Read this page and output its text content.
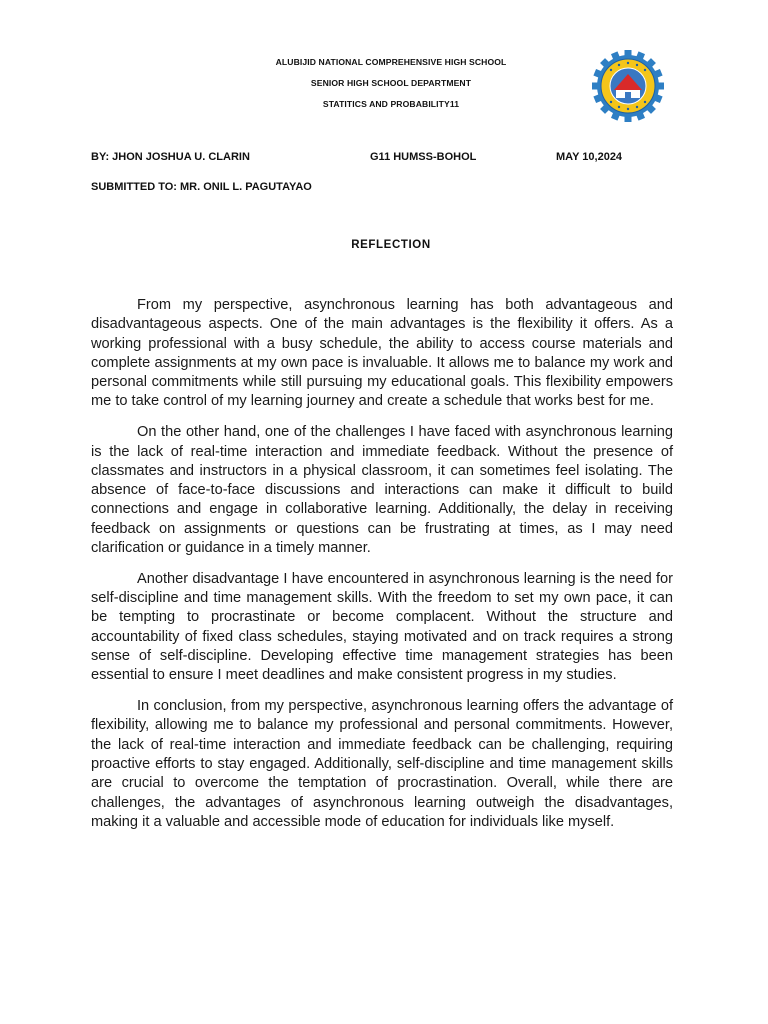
ALUBIJID NATIONAL COMPREHENSIVE HIGH SCHOOL
SENIOR HIGH SCHOOL DEPARTMENT
STATITICS AND PROBABILITY11
BY: JHON JOSHUA U. CLARIN	G11 HUMSS-BOHOL	MAY 10,2024
SUBMITTED TO: MR. ONIL L. PAGUTAYAO
REFLECTION

From my perspective, asynchronous learning has both advantageous and disadvantageous aspects. One of the main advantages is the flexibility it offers. As a working professional with a busy schedule, the ability to access course materials and complete assignments at my own pace is invaluable. It allows me to balance my work and personal commitments while still pursuing my educational goals. This flexibility empowers me to take control of my learning journey and create a schedule that works best for me.

On the other hand, one of the challenges I have faced with asynchronous learning is the lack of real-time interaction and immediate feedback. Without the presence of classmates and instructors in a physical classroom, it can sometimes feel isolating. The absence of face-to-face discussions and interactions can make it difficult to build connections and engage in collaborative learning. Additionally, the delay in receiving feedback on assignments or questions can be frustrating at times, as I may need clarification or guidance in a timely manner.

Another disadvantage I have encountered in asynchronous learning is the need for self-discipline and time management skills. With the freedom to set my own pace, it can be tempting to procrastinate or become complacent. Without the structure and accountability of fixed class schedules, staying motivated and on track requires a strong sense of self-discipline. Developing effective time management strategies has been essential to ensure I meet deadlines and make consistent progress in my studies.

In conclusion, from my perspective, asynchronous learning offers the advantage of flexibility, allowing me to balance my professional and personal commitments. However, the lack of real-time interaction and immediate feedback can be challenging, requiring proactive efforts to stay engaged. Additionally, self-discipline and time management skills are crucial to overcome the temptation of procrastination. Overall, while there are challenges, the advantages of asynchronous learning outweigh the disadvantages, making it a valuable and accessible mode of education for individuals like myself.
